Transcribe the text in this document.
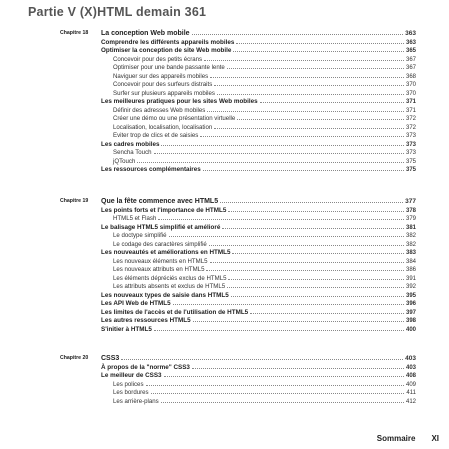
Partie V (X)HTML demain 361
Chapitre 18 La conception Web mobile	363
Comprendre les différents appareils mobiles	363
Optimiser la conception de site Web mobile	365
Concevoir pour des petits écrans	367
Optimiser pour une bande passante lente	367
Naviguer sur des appareils mobiles	368
Concevoir pour des surfeurs distraits	370
Surfer sur plusieurs appareils mobiles	370
Les meilleures pratiques pour les sites Web mobiles	371
Définir des adresses Web mobiles	371
Créer une démo ou une présentation virtuelle	372
Localisation, localisation, localisation	372
Eviter trop de clics et de saisies	373
Les cadres mobiles	373
Sencha Touch	373
jQTouch	375
Les ressources complémentaires	375
Chapitre 19 Que la fête commence avec HTML5	377
Les points forts et l'importance de HTML5	378
HTML5 et Flash	379
Le balisage HTML5 simplifié et amélioré	381
Le doctype simplifié	382
Le codage des caractères simplifié	382
Les nouveautés et améliorations en HTML5	383
Les nouveaux éléments en HTML5	384
Les nouveaux attributs en HTML5	386
Les éléments dépréciés exclus de HTML5	391
Les attributs absents et exclus de HTML5	392
Les nouveaux types de saisie dans HTML5	395
Les API Web de HTML5	396
Les limites de l'accès et de l'utilisation de HTML5	397
Les autres ressources HTML5	398
S'initier à HTML5	400
Chapitre 20 CSS3	403
À propos de la "norme" CSS3	403
Le meilleur de CSS3	408
Les polices	409
Les bordures	411
Les arrière-plans	412
Sommaire XI
